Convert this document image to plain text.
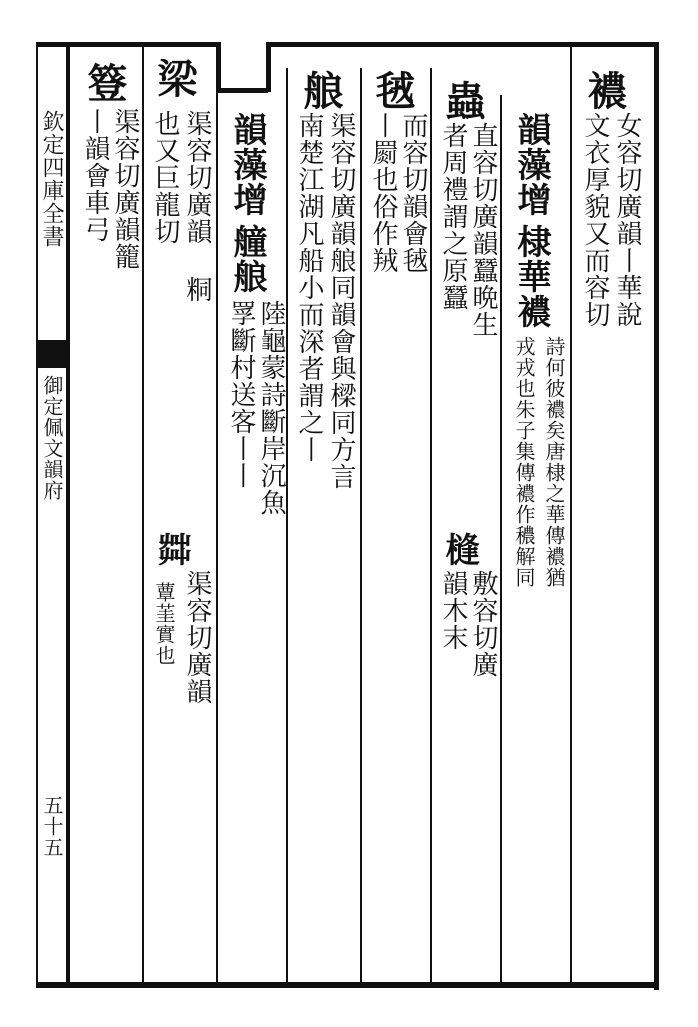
欽定四庫全書
御定佩文韻府
五十五
襛
女容切廣韻丨華說
文衣厚貌又而容切
韻藻增
棣華襛
詩何彼襛矣唐棣之華傳襛猶
戎戎也朱子集傳襛作穠解同
蟲
直容切廣韻蠶晩生
者周禮謂之原蠶
槰
敷容切廣
韻木末
毧
而容切韻會毧
丨罽也俗作羢
艆
渠容切廣韻艆同韻會與樑同方言
南楚江湖凡船小而深者謂之丨
韻藻增
艟艆
陸龜蒙詩斷岸沉魚
罦斷村送客丨丨
梁
渠容切廣韻 粡
也又巨龍切
茻
渠容切廣韻
蕈茥實也
簦
渠容切廣韻籠
丨韻會車弓
